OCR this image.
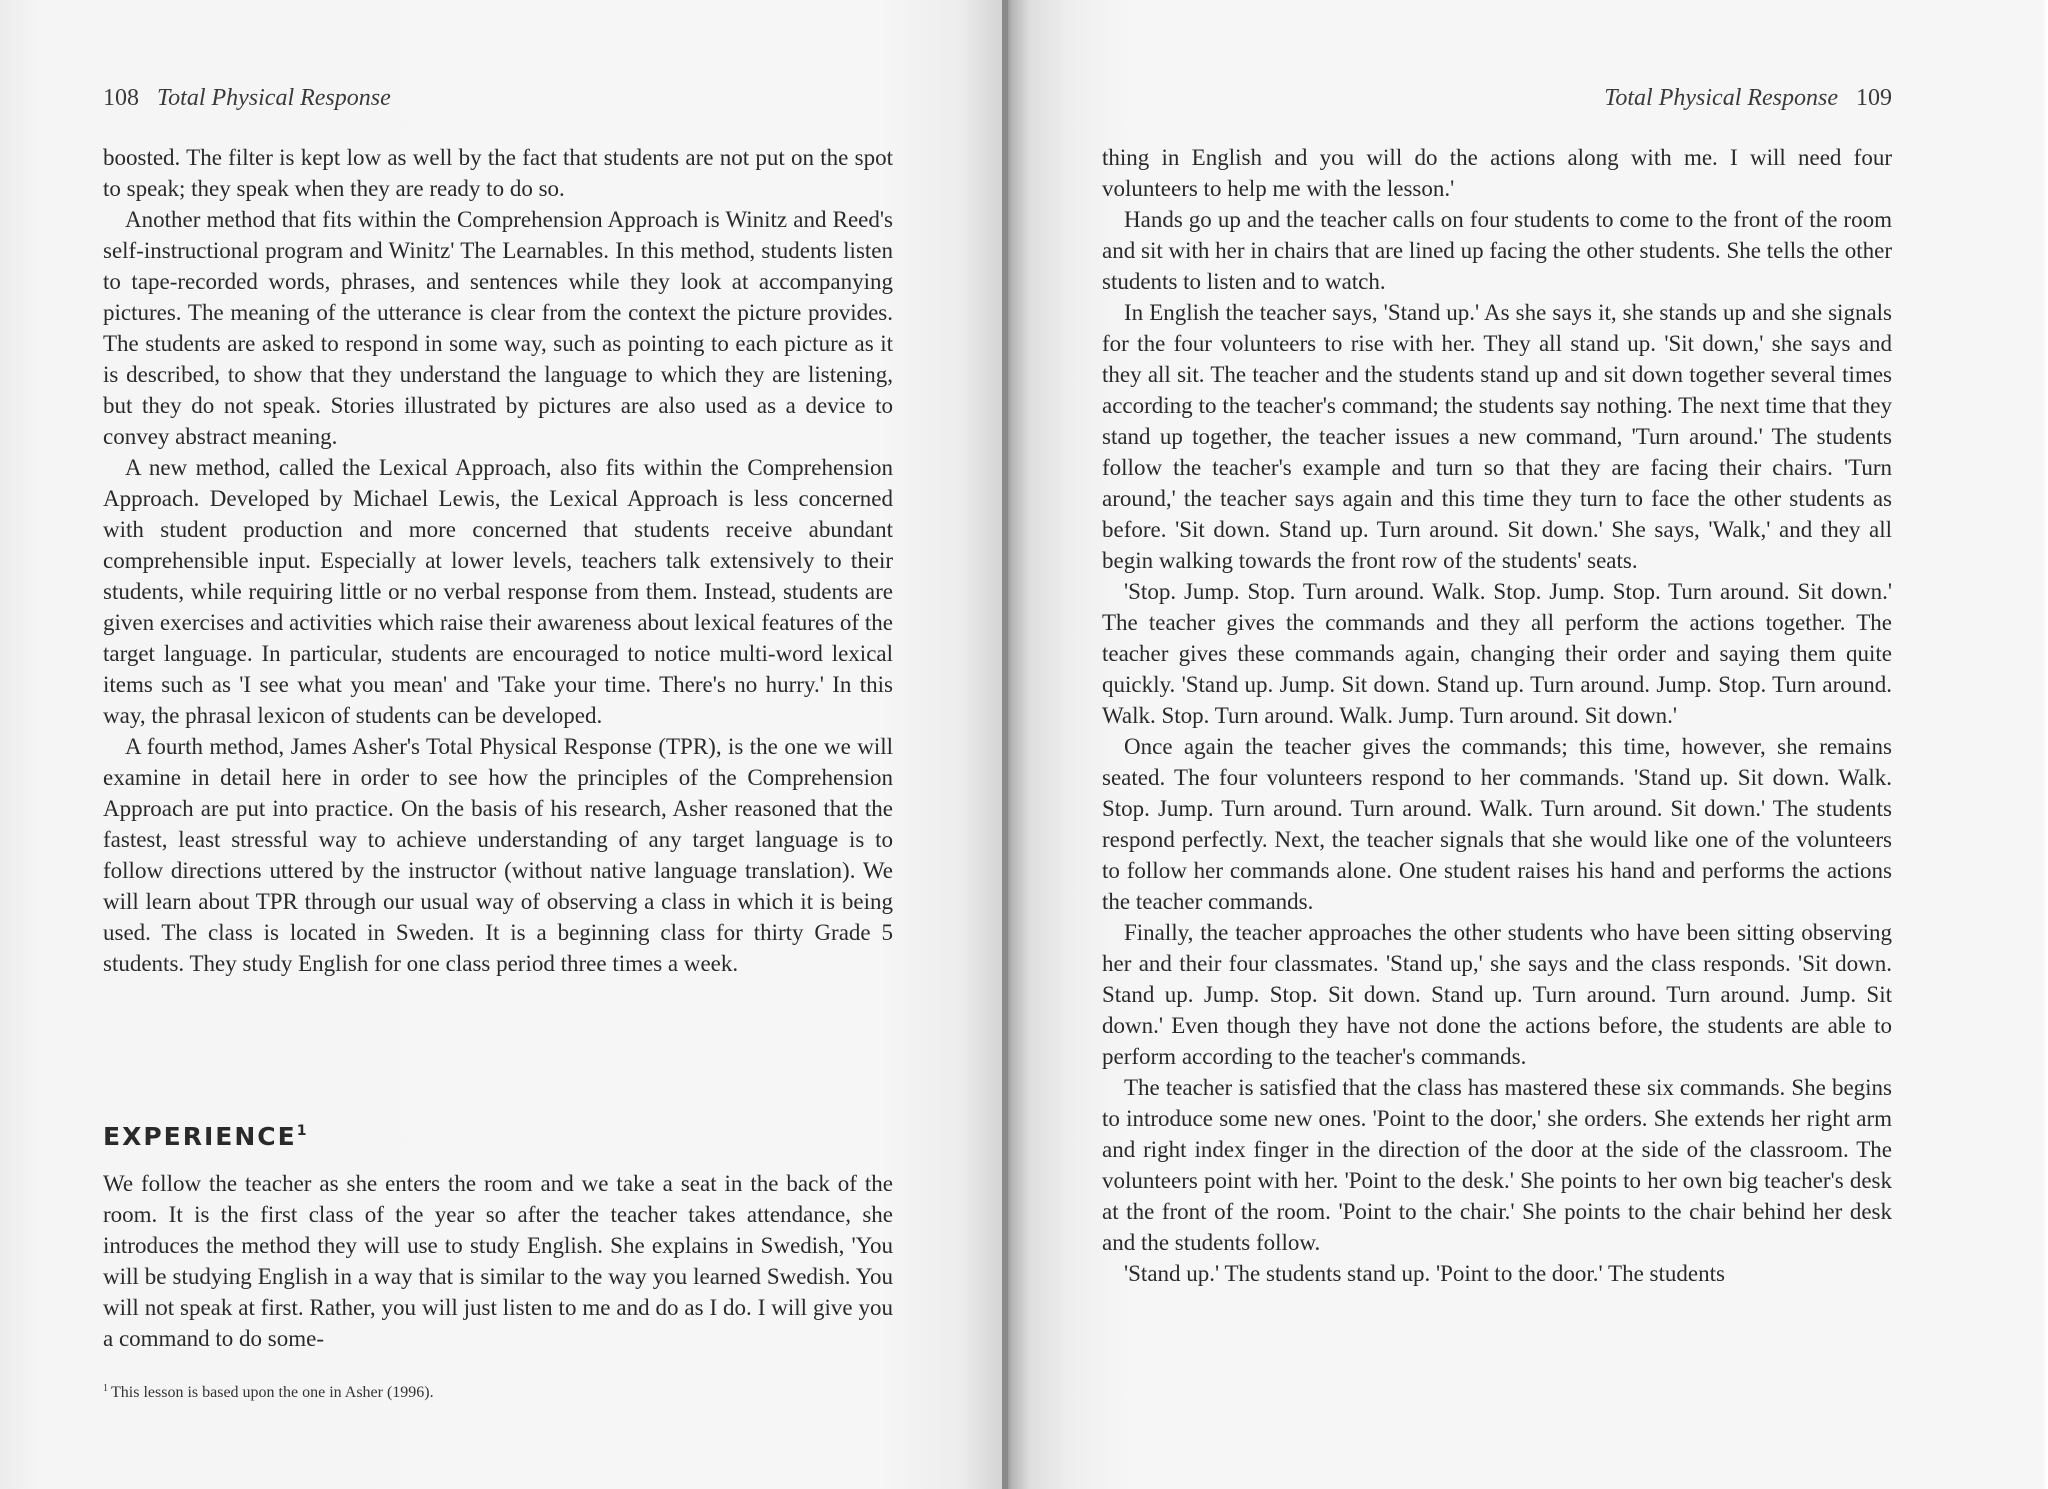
108 Total Physical Response

boosted. The filter is kept low as well by the fact that students are not put on the spot to speak; they speak when they are ready to do so.

Another method that fits within the Comprehension Approach is Winitz and Reed's self-instructional program and Winitz' The Learnables. In this method, students listen to tape-recorded words, phrases, and sentences while they look at accompanying pictures. The meaning of the utterance is clear from the context the picture provides. The students are asked to respond in some way, such as pointing to each picture as it is described, to show that they understand the language to which they are listening, but they do not speak. Stories illustrated by pictures are also used as a device to convey abstract meaning.

A new method, called the Lexical Approach, also fits within the Comprehension Approach. Developed by Michael Lewis, the Lexical Approach is less concerned with student production and more concerned that students receive abundant comprehensible input. Especially at lower levels, teachers talk extensively to their students, while requiring little or no verbal response from them. Instead, students are given exercises and activities which raise their awareness about lexical features of the target language. In particular, students are encouraged to notice multi-word lexical items such as 'I see what you mean' and 'Take your time. There's no hurry.' In this way, the phrasal lexicon of students can be developed.

A fourth method, James Asher's Total Physical Response (TPR), is the one we will examine in detail here in order to see how the principles of the Comprehension Approach are put into practice. On the basis of his research, Asher reasoned that the fastest, least stressful way to achieve understanding of any target language is to follow directions uttered by the instructor (without native language translation). We will learn about TPR through our usual way of observing a class in which it is being used. The class is located in Sweden. It is a beginning class for thirty Grade 5 students. They study English for one class period three times a week.

EXPERIENCE$^1$

We follow the teacher as she enters the room and we take a seat in the back of the room. It is the first class of the year so after the teacher takes attendance, she introduces the method they will use to study English. She explains in Swedish, 'You will be studying English in a way that is similar to the way you learned Swedish. You will not speak at first. Rather, you will just listen to me and do as I do. I will give you a command to do some-

$^1$ This lesson is based upon the one in Asher (1996).
Total Physical Response 109

thing in English and you will do the actions along with me. I will need four volunteers to help me with the lesson.'

Hands go up and the teacher calls on four students to come to the front of the room and sit with her in chairs that are lined up facing the other students. She tells the other students to listen and to watch.

In English the teacher says, 'Stand up.' As she says it, she stands up and she signals for the four volunteers to rise with her. They all stand up. 'Sit down,' she says and they all sit. The teacher and the students stand up and sit down together several times according to the teacher's command; the students say nothing. The next time that they stand up together, the teacher issues a new command, 'Turn around.' The students follow the teacher's example and turn so that they are facing their chairs. 'Turn around,' the teacher says again and this time they turn to face the other students as before. 'Sit down. Stand up. Turn around. Sit down.' She says, 'Walk,' and they all begin walking towards the front row of the students' seats.

'Stop. Jump. Stop. Turn around. Walk. Stop. Jump. Stop. Turn around. Sit down.' The teacher gives the commands and they all perform the actions together. The teacher gives these commands again, changing their order and saying them quite quickly. 'Stand up. Jump. Sit down. Stand up. Turn around. Jump. Stop. Turn around. Walk. Stop. Turn around. Walk. Jump. Turn around. Sit down.'

Once again the teacher gives the commands; this time, however, she remains seated. The four volunteers respond to her commands. 'Stand up. Sit down. Walk. Stop. Jump. Turn around. Turn around. Walk. Turn around. Sit down.' The students respond perfectly. Next, the teacher signals that she would like one of the volunteers to follow her commands alone. One student raises his hand and performs the actions the teacher commands.

Finally, the teacher approaches the other students who have been sitting observing her and their four classmates. 'Stand up,' she says and the class responds. 'Sit down. Stand up. Jump. Stop. Sit down. Stand up. Turn around. Turn around. Jump. Sit down.' Even though they have not done the actions before, the students are able to perform according to the teacher's commands.

The teacher is satisfied that the class has mastered these six commands. She begins to introduce some new ones. 'Point to the door,' she orders. She extends her right arm and right index finger in the direction of the door at the side of the classroom. The volunteers point with her. 'Point to the desk.' She points to her own big teacher's desk at the front of the room. 'Point to the chair.' She points to the chair behind her desk and the students follow.

'Stand up.' The students stand up. 'Point to the door.' The students
